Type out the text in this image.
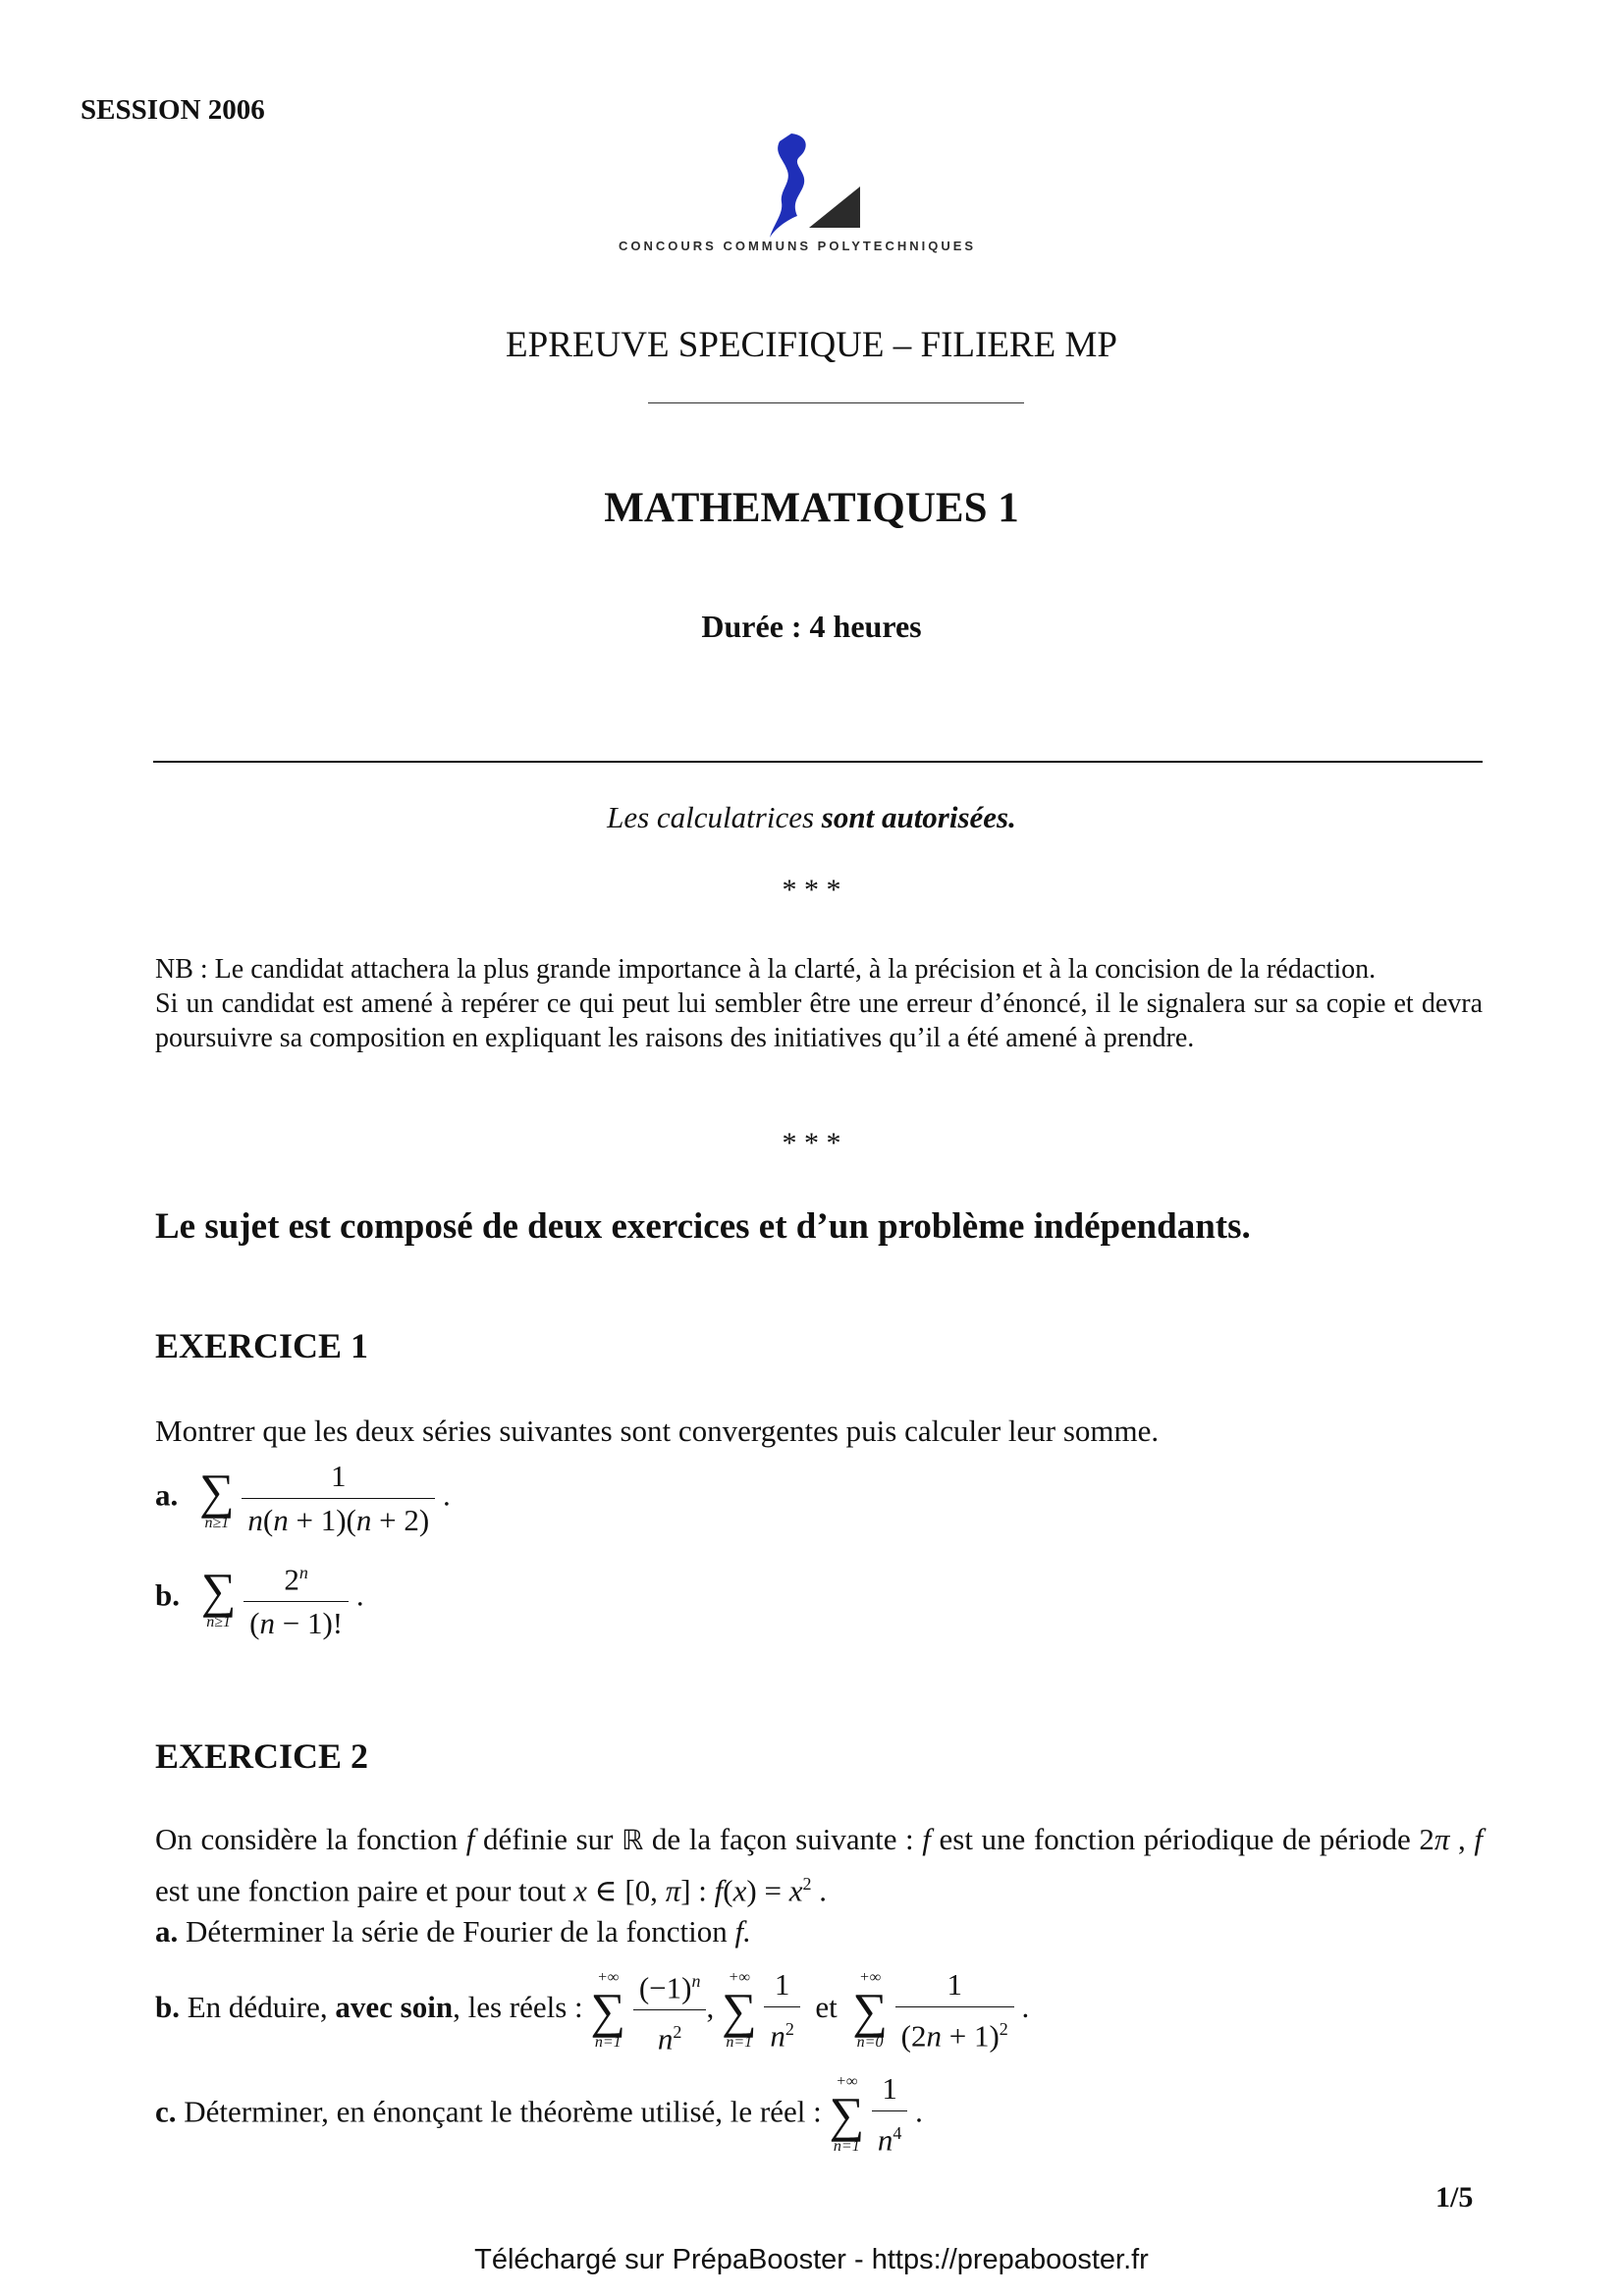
SESSION 2006
CONCOURS COMMUNS POLYTECHNIQUES
EPREUVE SPECIFIQUE – FILIERE MP
MATHEMATIQUES 1
Durée : 4 heures
Les calculatrices sont autorisées.
* * *

NB : Le candidat attachera la plus grande importance à la clarté, à la précision et à la concision de la rédaction.

Si un candidat est amené à repérer ce qui peut lui sembler être une erreur d’énoncé, il le signalera sur sa copie et devra poursuivre sa composition en expliquant les raisons des initiatives qu’il a été amené à prendre.

* * *
Le sujet est composé de deux exercices et d’un problème indépendants.
EXERCICE 1
Montrer que les deux séries suivantes sont convergentes puis calculer leur somme.
a. ∑
n≥1
$\frac{1}{n(n + 1)(n + 2)}$ .
b. ∑
n≥1
$\frac{2^n}{(n - 1)!}$ .
EXERCICE 2
On considère la fonction f définie sur ℝ de la façon suivante : f est une fonction périodique de période 2π , f est une fonction paire et pour tout x ∈ [0, π] : $f(x) = x^2$ .
a. Déterminer la série de Fourier de la fonction f.
b. En déduire, avec soin, les réels :
+∞
∑
n=1
$\frac{(-1)^n}{n^2}$ ,
+∞
∑
n=1
$\frac{1}{n^2}$ et
+∞
∑
n=0
$\frac{1}{(2n + 1)^2}$ .
c. Déterminer, en énonçant le théorème utilisé, le réel :
+∞
∑
n=1
$\frac{1}{n^4}$ .
1/5
Téléchargé sur PrépaBooster - https://prepabooster.fr
